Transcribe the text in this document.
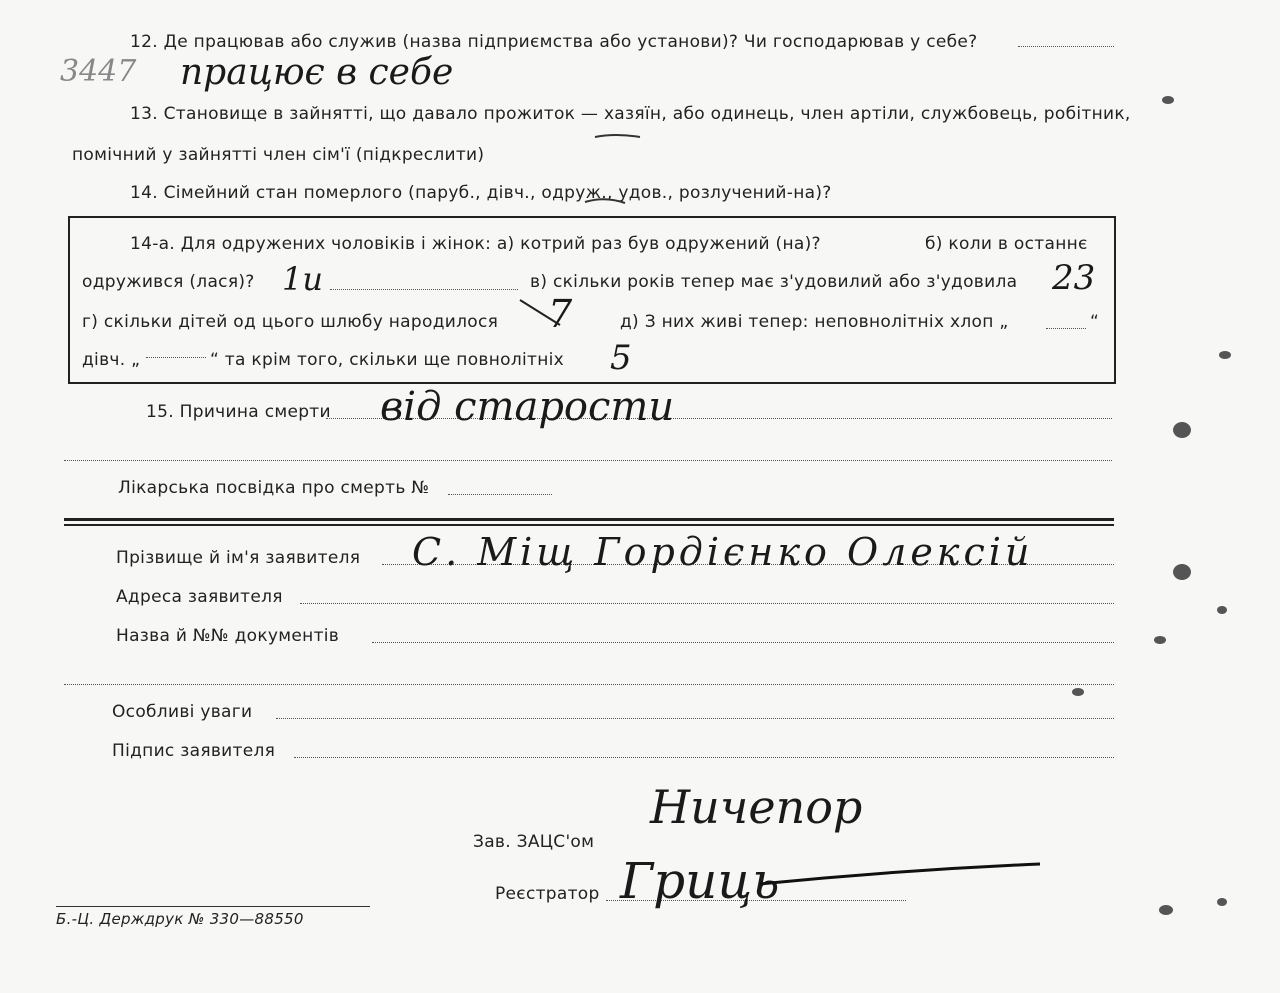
12. Де працював або служив (назва підприємства або установи)? Чи господарював у себе?
3447 працює в себе
13. Становище в зайнятті, що давало прожиток — хазяїн, або одинець, член артіли, службовець, робітник,
помічний у зайнятті член сім'ї (підкреслити)
14. Сімейний стан померлого (паруб., дівч., одруж., удов., розлучений-на)?
14-а. Для одружених чоловіків і жінок: а) котрий раз був одружений (на)?	б) коли в останнє
одружився (лася)? 1и	в) скільки років тепер має з'удовилий або з'удовила 23
г) скільки дітей од цього шлюбу народилося 7	д) З них живі тепер: неповнолітніх хлоп „	“
дівч. „	“ та крім того, скільки ще повнолітніх 5
15. Причина смерти від старости
Лікарська посвідка про смерть №
Прізвище й ім'я заявителя С. Міщ Гордієнко Олексій
Адреса заявителя
Назва й №№ документів
Особливі уваги
Підпис заявителя
Зав. ЗАЦС'ом
Ничепор
Реєстратор Гриць
Б.-Ц. Держдрук № 330—88550
